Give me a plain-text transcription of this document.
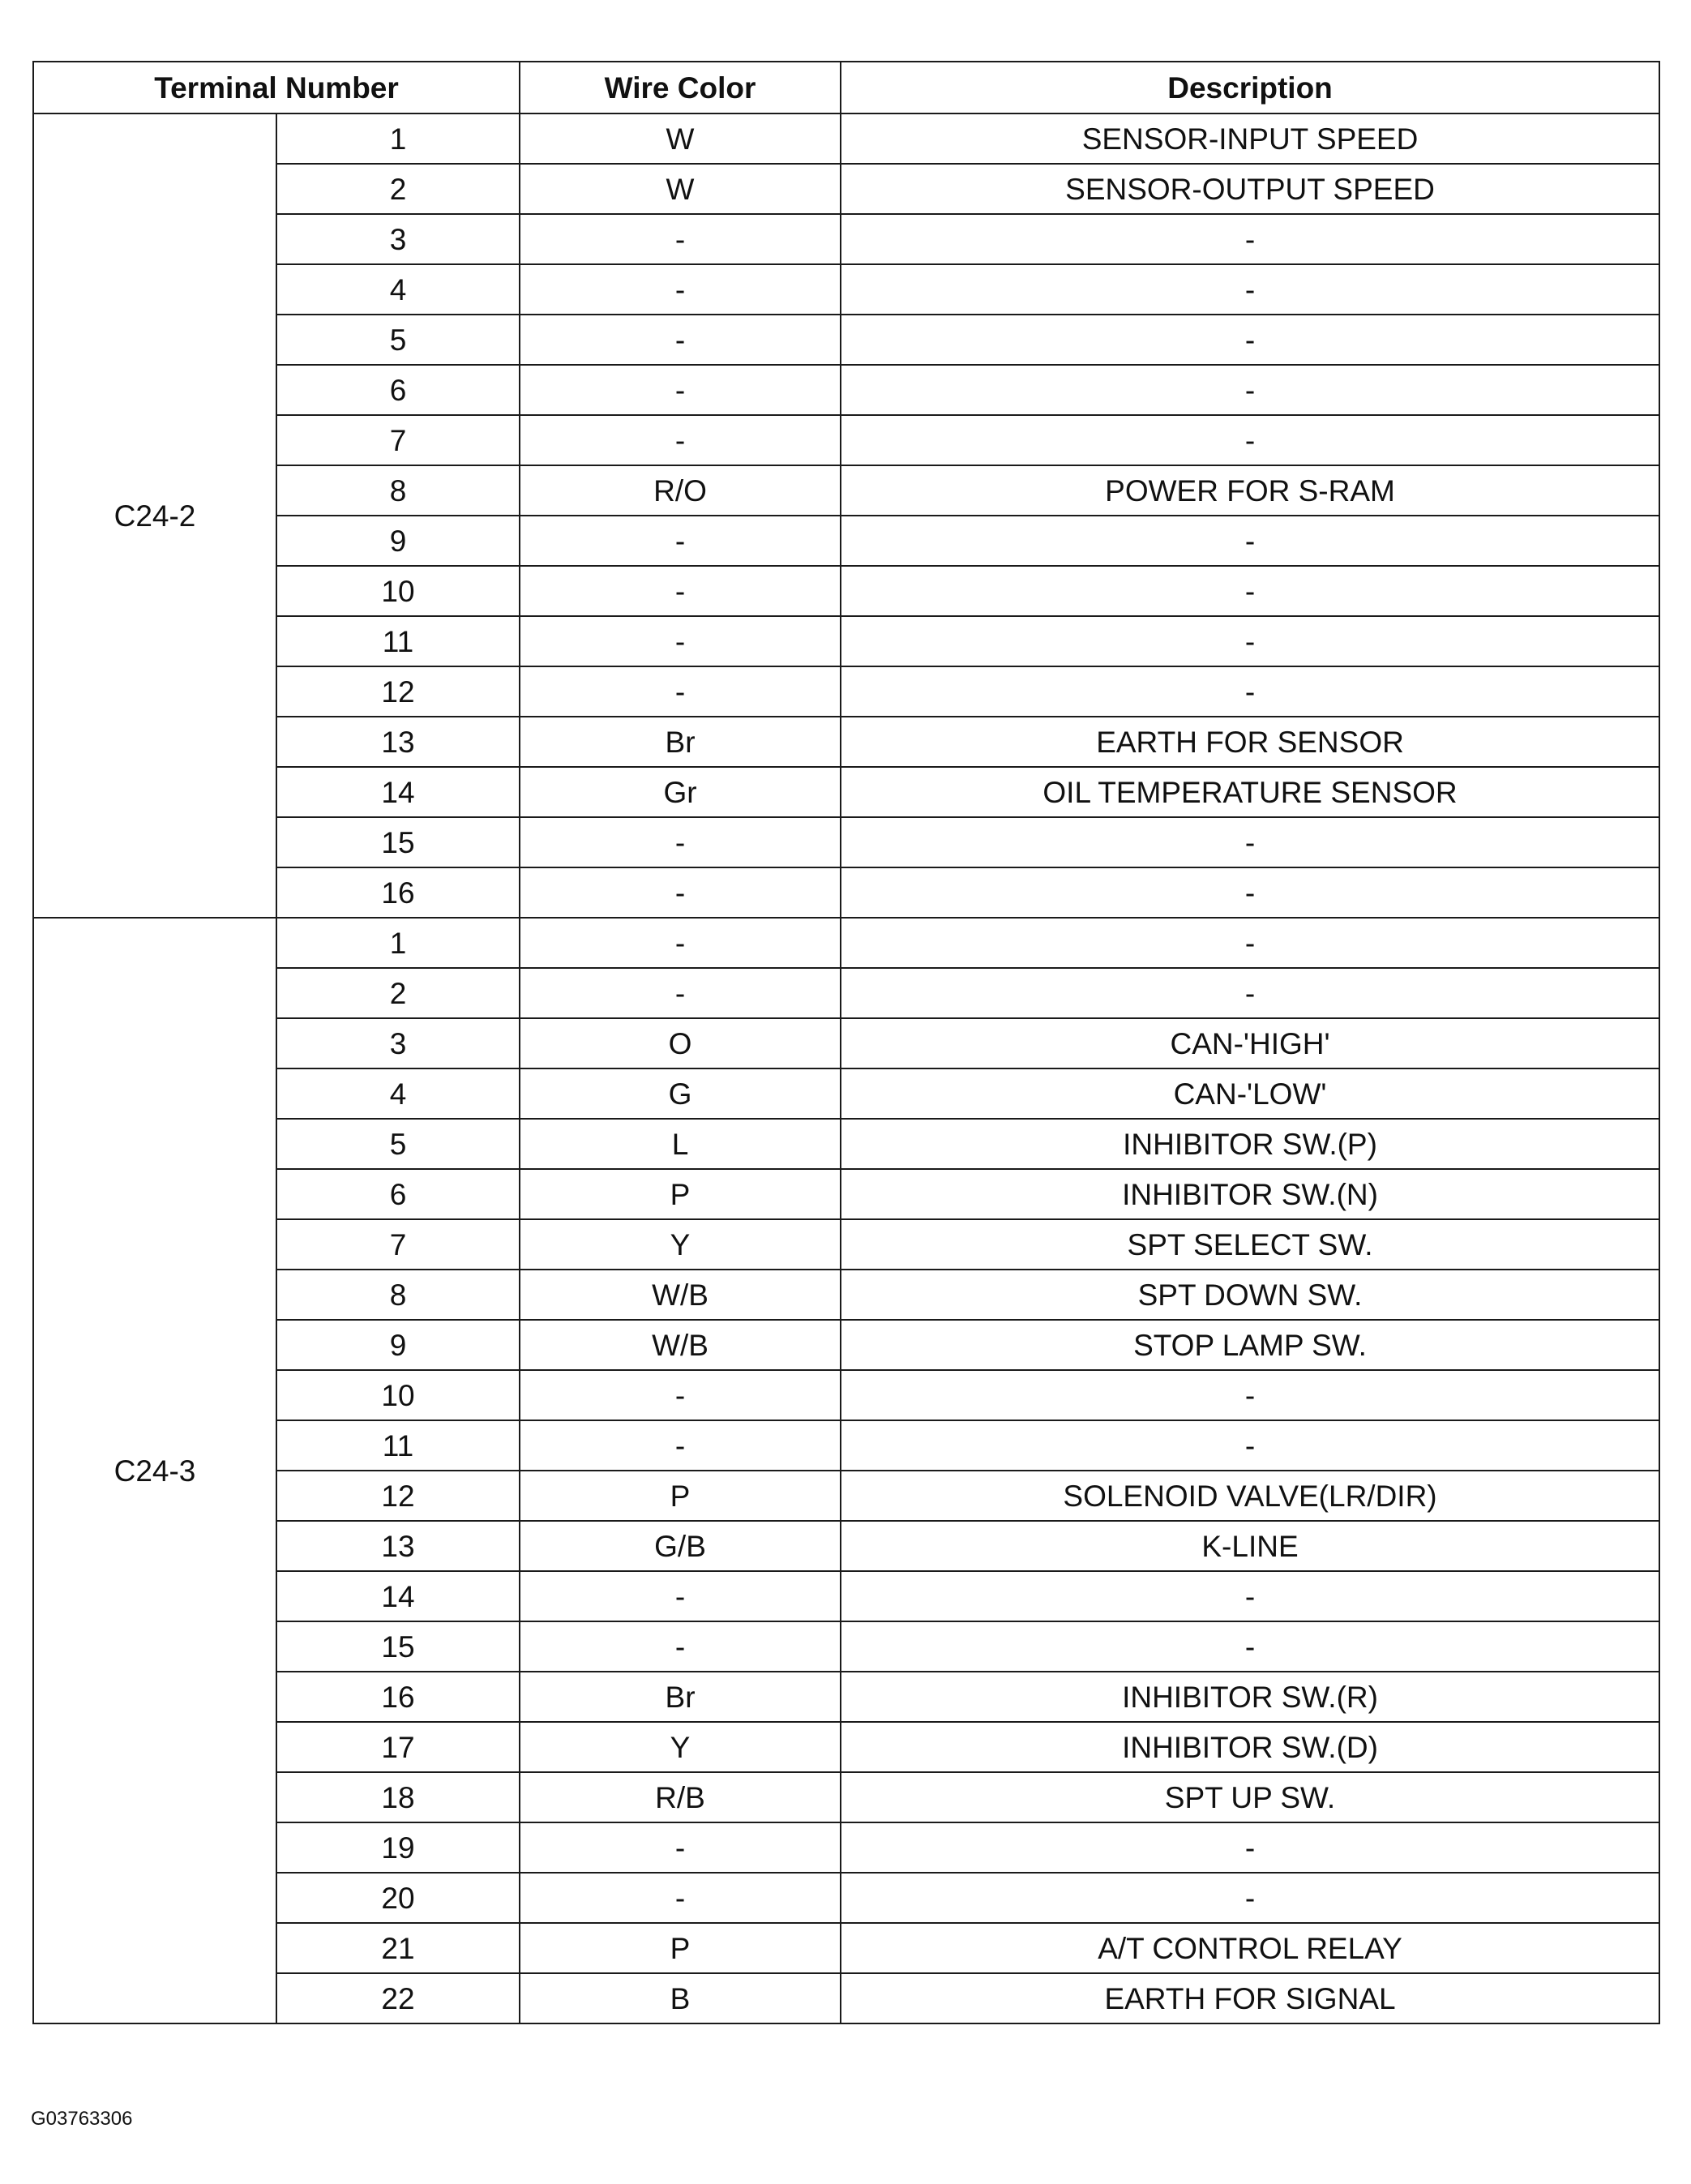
Terminal Number		Wire Color	Description
C24-2	1	W	SENSOR-INPUT SPEED
	2	W	SENSOR-OUTPUT SPEED
	3	-	-
	4	-	-
	5	-	-
	6	-	-
	7	-	-
	8	R/O	POWER FOR S-RAM
	9	-	-
	10	-	-
	11	-	-
	12	-	-
	13	Br	EARTH FOR SENSOR
	14	Gr	OIL TEMPERATURE SENSOR
	15	-	-
	16	-	-
C24-3	1	-	-
	2	-	-
	3	O	CAN-'HIGH'
	4	G	CAN-'LOW'
	5	L	INHIBITOR SW.(P)
	6	P	INHIBITOR SW.(N)
	7	Y	SPT SELECT SW.
	8	W/B	SPT DOWN SW.
	9	W/B	STOP LAMP SW.
	10	-	-
	11	-	-
	12	P	SOLENOID VALVE(LR/DIR)
	13	G/B	K-LINE
	14	-	-
	15	-	-
	16	Br	INHIBITOR SW.(R)
	17	Y	INHIBITOR SW.(D)
	18	R/B	SPT UP SW.
	19	-	-
	20	-	-
	21	P	A/T CONTROL RELAY
	22	B	EARTH FOR SIGNAL
G03763306
